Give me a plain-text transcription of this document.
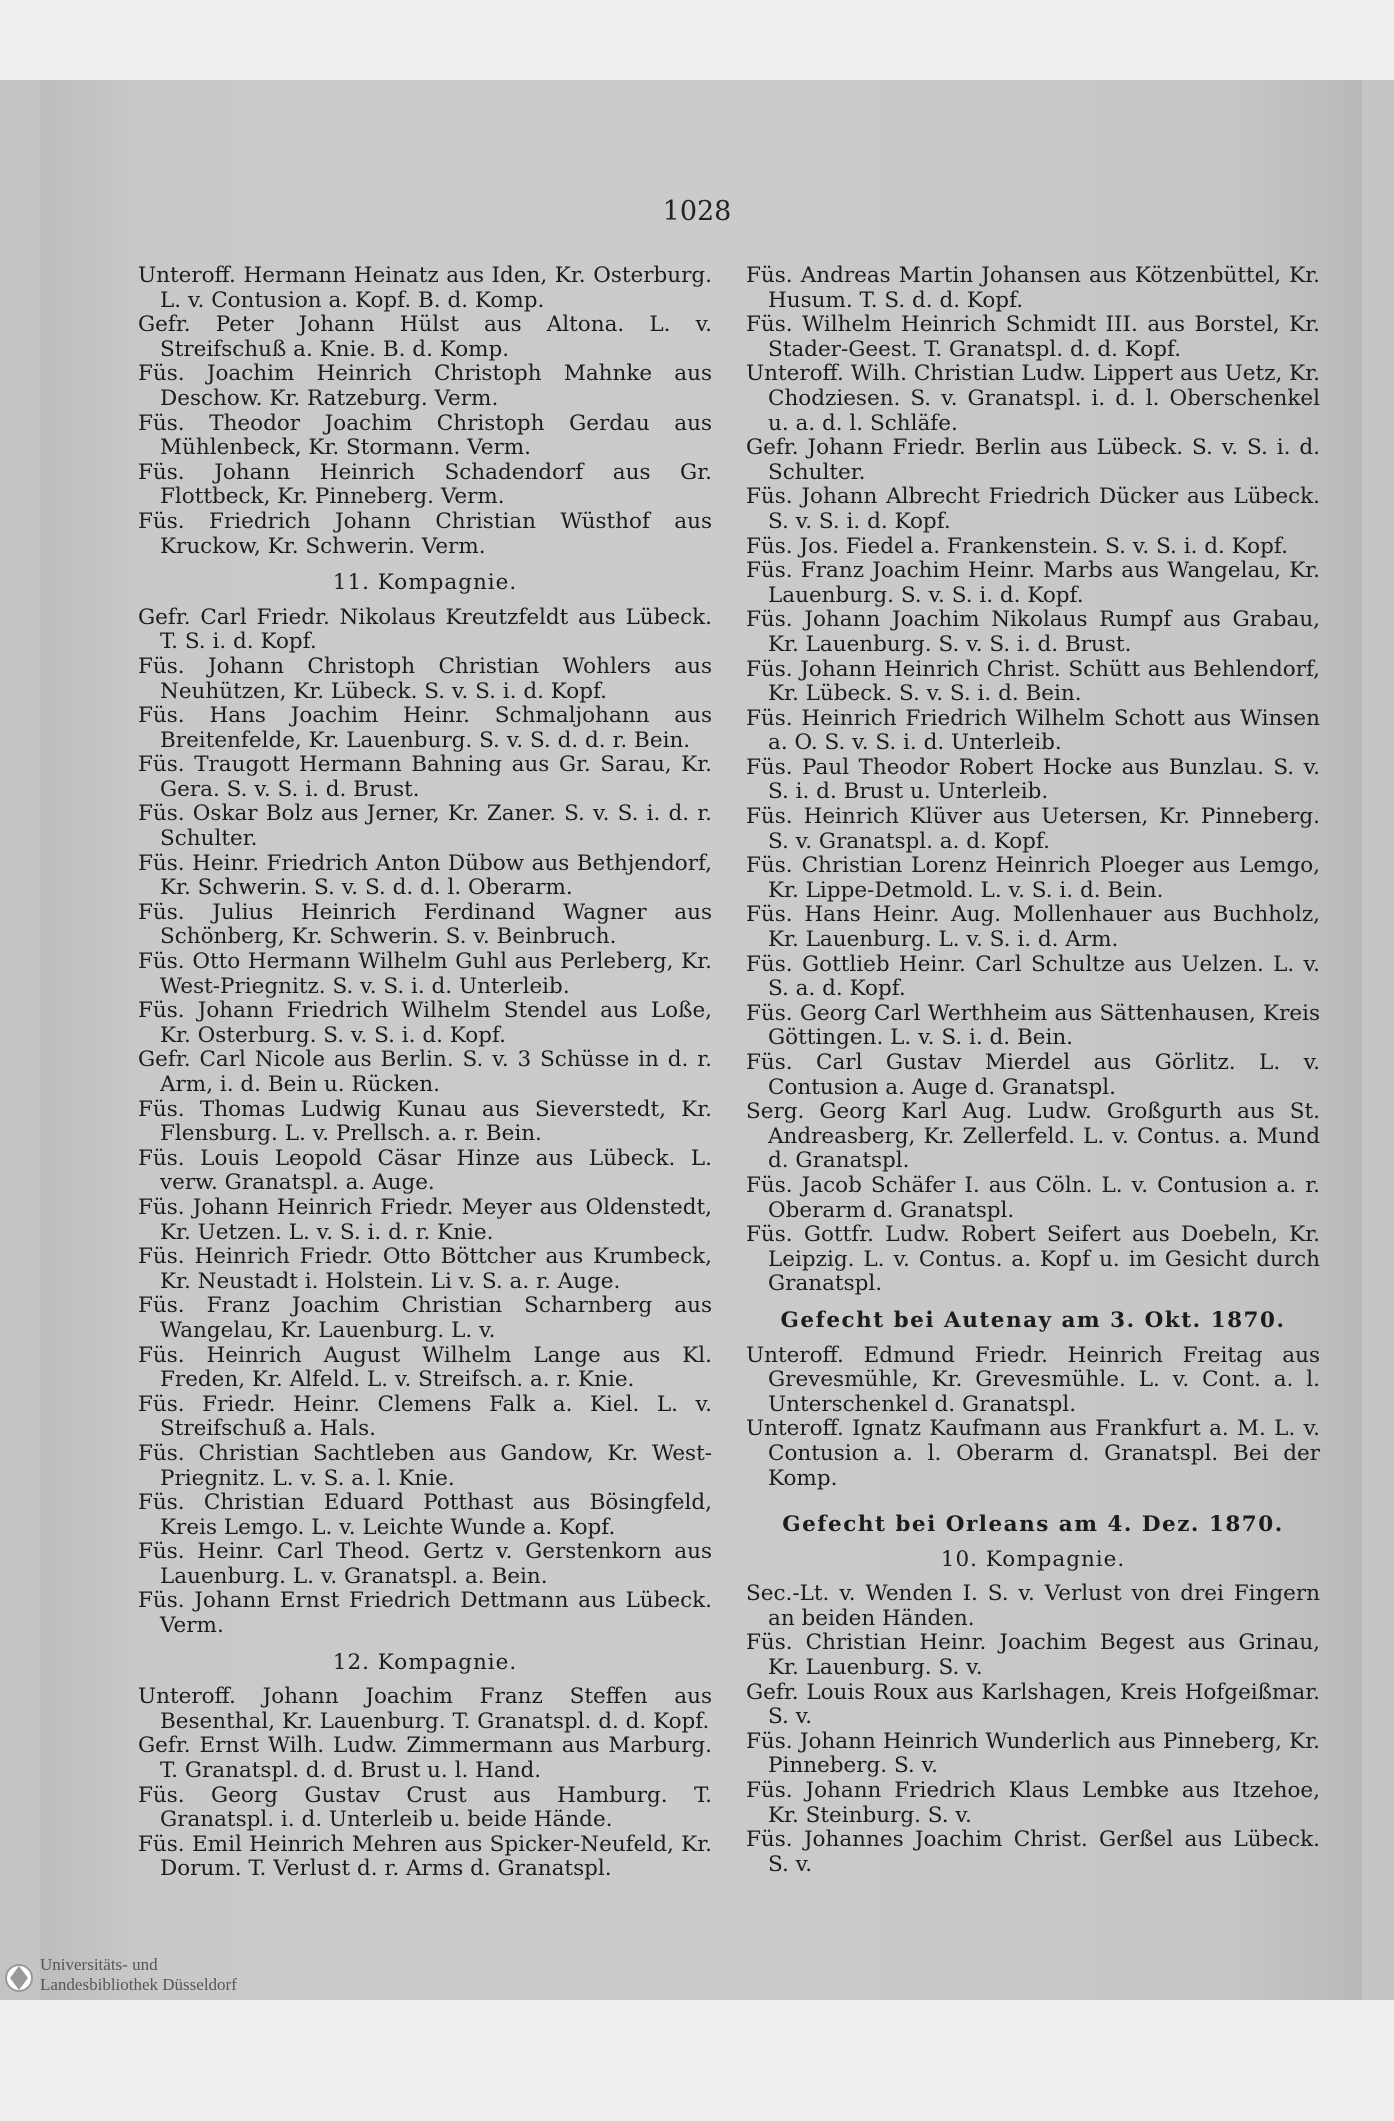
1028

Unteroff. Hermann Heinatz aus Iden, Kr. Osterburg. L. v. Contusion a. Kopf. B. d. Komp.

Gefr. Peter Johann Hülst aus Altona. L. v. Streifschuß a. Knie. B. d. Komp.

Füs. Joachim Heinrich Christoph Mahnke aus Deschow. Kr. Ratzeburg. Verm.

Füs. Theodor Joachim Christoph Gerdau aus Mühlenbeck, Kr. Stormann. Verm.

Füs. Johann Heinrich Schadendorf aus Gr. Flottbeck, Kr. Pinneberg. Verm.

Füs. Friedrich Johann Christian Wüsthof aus Kruckow, Kr. Schwerin. Verm.

11. Kompagnie.

Gefr. Carl Friedr. Nikolaus Kreutzfeldt aus Lübeck. T. S. i. d. Kopf.

Füs. Johann Christoph Christian Wohlers aus Neuhützen, Kr. Lübeck. S. v. S. i. d. Kopf.

Füs. Hans Joachim Heinr. Schmaljohann aus Breitenfelde, Kr. Lauenburg. S. v. S. d. d. r. Bein.

Füs. Traugott Hermann Bahning aus Gr. Sarau, Kr. Gera. S. v. S. i. d. Brust.

Füs. Oskar Bolz aus Jerner, Kr. Zaner. S. v. S. i. d. r. Schulter.

Füs. Heinr. Friedrich Anton Dübow aus Bethjendorf, Kr. Schwerin. S. v. S. d. d. l. Oberarm.

Füs. Julius Heinrich Ferdinand Wagner aus Schönberg, Kr. Schwerin. S. v. Beinbruch.

Füs. Otto Hermann Wilhelm Guhl aus Perleberg, Kr. West-Priegnitz. S. v. S. i. d. Unterleib.

Füs. Johann Friedrich Wilhelm Stendel aus Loße, Kr. Osterburg. S. v. S. i. d. Kopf.

Gefr. Carl Nicole aus Berlin. S. v. 3 Schüsse in d. r. Arm, i. d. Bein u. Rücken.

Füs. Thomas Ludwig Kunau aus Sieverstedt, Kr. Flensburg. L. v. Prellsch. a. r. Bein.

Füs. Louis Leopold Cäsar Hinze aus Lübeck. L. verw. Granatspl. a. Auge.

Füs. Johann Heinrich Friedr. Meyer aus Oldenstedt, Kr. Uetzen. L. v. S. i. d. r. Knie.

Füs. Heinrich Friedr. Otto Böttcher aus Krumbeck, Kr. Neustadt i. Holstein. Li v. S. a. r. Auge.

Füs. Franz Joachim Christian Scharnberg aus Wangelau, Kr. Lauenburg. L. v.

Füs. Heinrich August Wilhelm Lange aus Kl. Freden, Kr. Alfeld. L. v. Streifsch. a. r. Knie.

Füs. Friedr. Heinr. Clemens Falk a. Kiel. L. v. Streifschuß a. Hals.

Füs. Christian Sachtleben aus Gandow, Kr. West-Priegnitz. L. v. S. a. l. Knie.

Füs. Christian Eduard Potthast aus Bösingfeld, Kreis Lemgo. L. v. Leichte Wunde a. Kopf.

Füs. Heinr. Carl Theod. Gertz v. Gerstenkorn aus Lauenburg. L. v. Granatspl. a. Bein.

Füs. Johann Ernst Friedrich Dettmann aus Lübeck. Verm.

12. Kompagnie.

Unteroff. Johann Joachim Franz Steffen aus Besenthal, Kr. Lauenburg. T. Granatspl. d. d. Kopf.

Gefr. Ernst Wilh. Ludw. Zimmermann aus Marburg. T. Granatspl. d. d. Brust u. l. Hand.

Füs. Georg Gustav Crust aus Hamburg. T. Granatspl. i. d. Unterleib u. beide Hände.

Füs. Emil Heinrich Mehren aus Spicker-Neufeld, Kr. Dorum. T. Verlust d. r. Arms d. Granatspl.

Füs. Andreas Martin Johansen aus Kötzenbüttel, Kr. Husum. T. S. d. d. Kopf.

Füs. Wilhelm Heinrich Schmidt III. aus Borstel, Kr. Stader-Geest. T. Granatspl. d. d. Kopf.

Unteroff. Wilh. Christian Ludw. Lippert aus Uetz, Kr. Chodziesen. S. v. Granatspl. i. d. l. Oberschenkel u. a. d. l. Schläfe.

Gefr. Johann Friedr. Berlin aus Lübeck. S. v. S. i. d. Schulter.

Füs. Johann Albrecht Friedrich Dücker aus Lübeck. S. v. S. i. d. Kopf.

Füs. Jos. Fiedel a. Frankenstein. S. v. S. i. d. Kopf.

Füs. Franz Joachim Heinr. Marbs aus Wangelau, Kr. Lauenburg. S. v. S. i. d. Kopf.

Füs. Johann Joachim Nikolaus Rumpf aus Grabau, Kr. Lauenburg. S. v. S. i. d. Brust.

Füs. Johann Heinrich Christ. Schütt aus Behlendorf, Kr. Lübeck. S. v. S. i. d. Bein.

Füs. Heinrich Friedrich Wilhelm Schott aus Winsen a. O. S. v. S. i. d. Unterleib.

Füs. Paul Theodor Robert Hocke aus Bunzlau. S. v. S. i. d. Brust u. Unterleib.

Füs. Heinrich Klüver aus Uetersen, Kr. Pinneberg. S. v. Granatspl. a. d. Kopf.

Füs. Christian Lorenz Heinrich Ploeger aus Lemgo, Kr. Lippe-Detmold. L. v. S. i. d. Bein.

Füs. Hans Heinr. Aug. Mollenhauer aus Buchholz, Kr. Lauenburg. L. v. S. i. d. Arm.

Füs. Gottlieb Heinr. Carl Schultze aus Uelzen. L. v. S. a. d. Kopf.

Füs. Georg Carl Werthheim aus Sättenhausen, Kreis Göttingen. L. v. S. i. d. Bein.

Füs. Carl Gustav Mierdel aus Görlitz. L. v. Contusion a. Auge d. Granatspl.

Serg. Georg Karl Aug. Ludw. Großgurth aus St. Andreasberg, Kr. Zellerfeld. L. v. Contus. a. Mund d. Granatspl.

Füs. Jacob Schäfer I. aus Cöln. L. v. Contusion a. r. Oberarm d. Granatspl.

Füs. Gottfr. Ludw. Robert Seifert aus Doebeln, Kr. Leipzig. L. v. Contus. a. Kopf u. im Gesicht durch Granatspl.

Gefecht bei Autenay am 3. Okt. 1870.

Unteroff. Edmund Friedr. Heinrich Freitag aus Grevesmühle, Kr. Grevesmühle. L. v. Cont. a. l. Unterschenkel d. Granatspl.

Unteroff. Ignatz Kaufmann aus Frankfurt a. M. L. v. Contusion a. l. Oberarm d. Granatspl. Bei der Komp.

Gefecht bei Orleans am 4. Dez. 1870.
10. Kompagnie.

Sec.-Lt. v. Wenden I. S. v. Verlust von drei Fingern an beiden Händen.

Füs. Christian Heinr. Joachim Begest aus Grinau, Kr. Lauenburg. S. v.

Gefr. Louis Roux aus Karlshagen, Kreis Hofgeißmar. S. v.

Füs. Johann Heinrich Wunderlich aus Pinneberg, Kr. Pinneberg. S. v.

Füs. Johann Friedrich Klaus Lembke aus Itzehoe, Kr. Steinburg. S. v.

Füs. Johannes Joachim Christ. Gerßel aus Lübeck. S. v.

Universitäts- und
Landesbibliothek Düsseldorf
